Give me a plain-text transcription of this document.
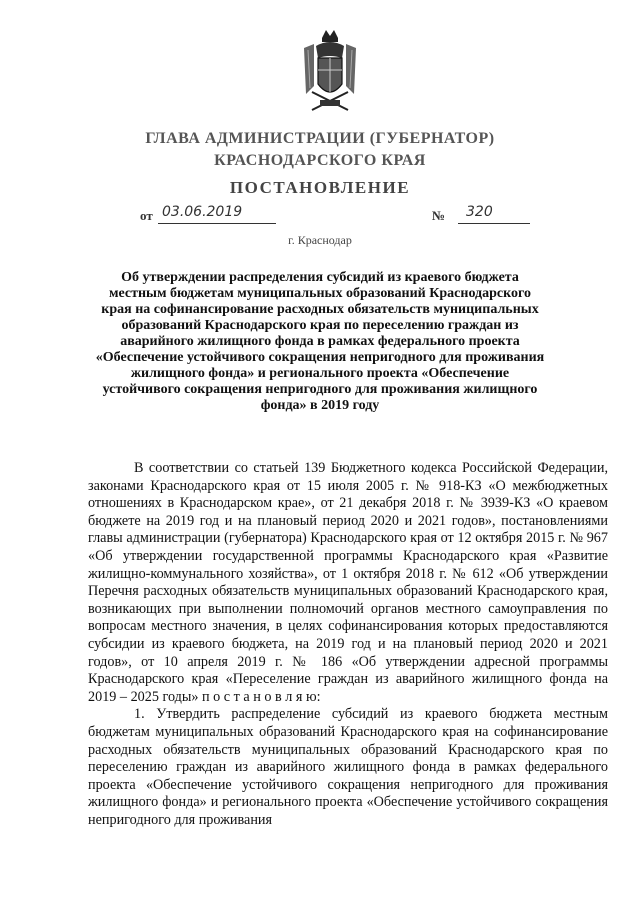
ГЛАВА АДМИНИСТРАЦИИ (ГУБЕРНАТОР)
КРАСНОДАРСКОГО КРАЯ
ПОСТАНОВЛЕНИЕ
от 03.06.2019	№	320
г. Краснодар
Об утверждении распределения субсидий из краевого бюджета местным бюджетам муниципальных образований Краснодарского края на софинансирование расходных обязательств муниципальных образований Краснодарского края по переселению граждан из аварийного жилищного фонда в рамках федерального проекта «Обеспечение устойчивого сокращения непригодного для проживания жилищного фонда» и регионального проекта «Обеспечение устойчивого сокращения непригодного для проживания жилищного фонда» в 2019 году

В соответствии со статьей 139 Бюджетного кодекса Российской Федерации, законами Краснодарского края от 15 июля 2005 г. № 918-КЗ «О межбюджетных отношениях в Краснодарском крае», от 21 декабря 2018 г. № 3939-КЗ «О краевом бюджете на 2019 год и на плановый период 2020 и 2021 годов», постановлениями главы администрации (губернатора) Краснодарского края от 12 октября 2015 г. № 967 «Об утверждении государственной программы Краснодарского края «Развитие жилищно-коммунального хозяйства», от 1 октября 2018 г. № 612 «Об утверждении Перечня расходных обязательств муниципальных образований Краснодарского края, возникающих при выполнении полномочий органов местного самоуправления по вопросам местного значения, в целях софинансирования которых предоставляются субсидии из краевого бюджета, на 2019 год и на плановый период 2020 и 2021 годов», от 10 апреля 2019 г. № 186 «Об утверждении адресной программы Краснодарского края «Переселение граждан из аварийного жилищного фонда на 2019 – 2025 годы» п о с т а н о в л я ю:

1. Утвердить распределение субсидий из краевого бюджета местным бюджетам муниципальных образований Краснодарского края на софинансирование расходных обязательств муниципальных образований Краснодарского края по переселению граждан из аварийного жилищного фонда в рамках федерального проекта «Обеспечение устойчивого сокращения непригодного для проживания жилищного фонда» и регионального проекта «Обеспечение устойчивого сокращения непригодного для проживания
